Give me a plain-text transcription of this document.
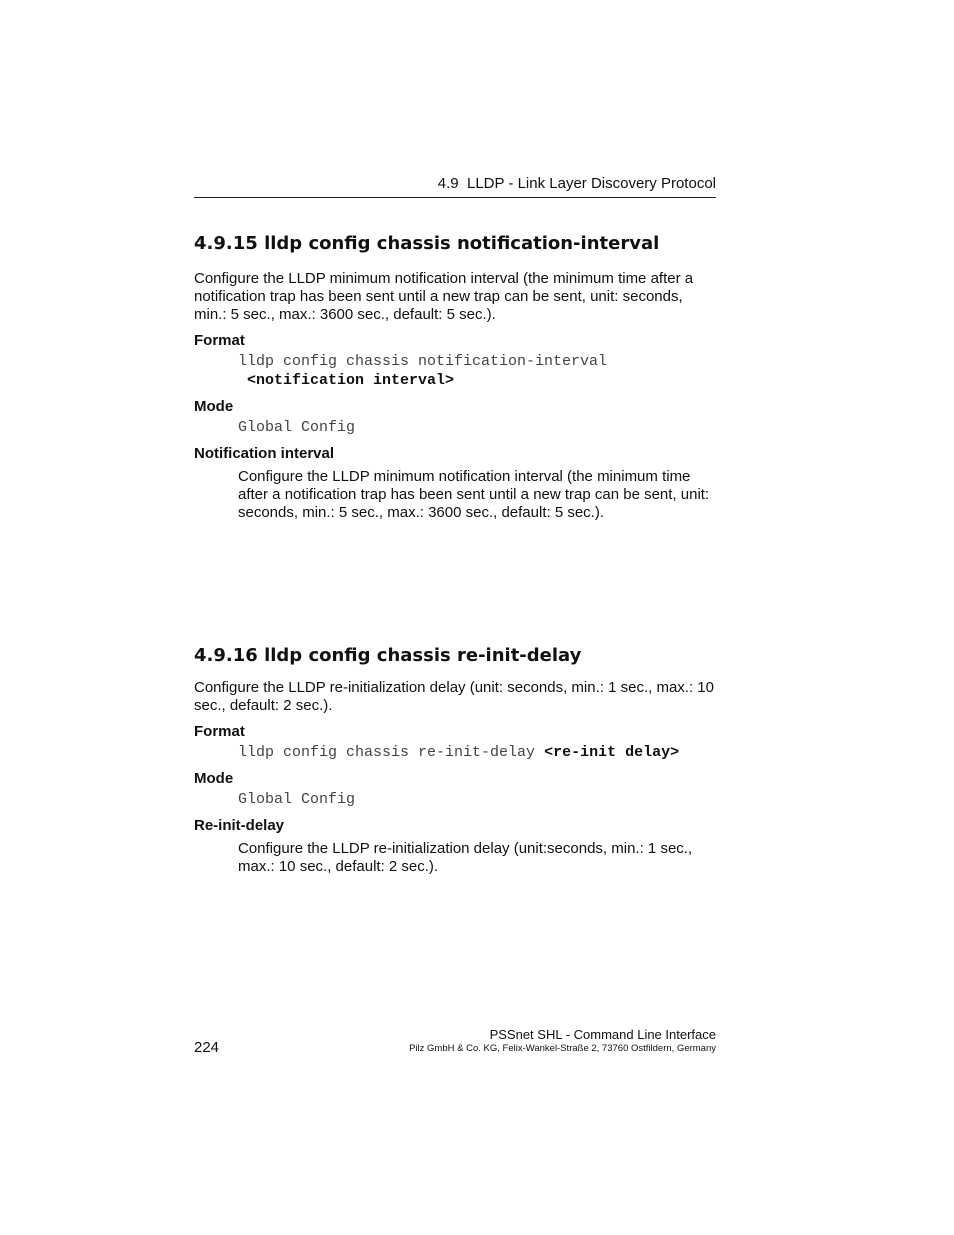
4.9 LLDP - Link Layer Discovery Protocol
4.9.15 lldp config chassis notification-interval

Configure the LLDP minimum notification interval (the minimum time after a notification trap has been sent until a new trap can be sent, unit: seconds, min.: 5 sec., max.: 3600 sec., default: 5 sec.).

Format

lldp config chassis notification-interval

<notification interval>

Mode

Global Config

Notification interval

Configure the LLDP minimum notification interval (the minimum time after a notification trap has been sent until a new trap can be sent, unit: seconds, min.: 5 sec., max.: 3600 sec., default: 5 sec.).

4.9.16 lldp config chassis re-init-delay

Configure the LLDP re-initialization delay (unit: seconds, min.: 1 sec., max.: 10 sec., default: 2 sec.).

Format

lldp config chassis re-init-delay <re-init delay>

Mode

Global Config

Re-init-delay

Configure the LLDP re-initialization delay (unit:seconds, min.: 1 sec., max.: 10 sec., default: 2 sec.).

224
PSSnet SHL - Command Line Interface
Pilz GmbH & Co. KG, Felix-Wankel-Straße 2, 73760 Ostfildern, Germany
